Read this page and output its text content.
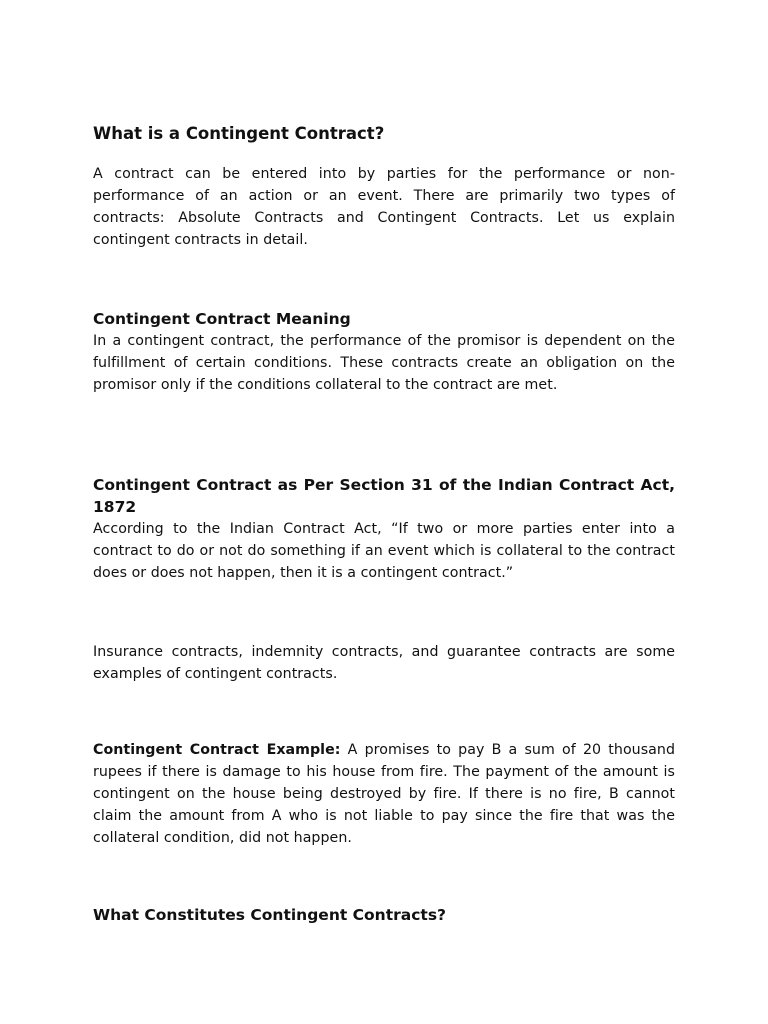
What is a Contingent Contract?

A contract can be entered into by parties for the performance or non-performance of an action or an event. There are primarily two types of contracts: Absolute Contracts and Contingent Contracts. Let us explain contingent contracts in detail.

Contingent Contract Meaning

In a contingent contract, the performance of the promisor is dependent on the fulfillment of certain conditions. These contracts create an obligation on the promisor only if the conditions collateral to the contract are met.

Contingent Contract as Per Section 31 of the Indian Contract Act, 1872

According to the Indian Contract Act, “If two or more parties enter into a contract to do or not do something if an event which is collateral to the contract does or does not happen, then it is a contingent contract.”

Insurance contracts, indemnity contracts, and guarantee contracts are some examples of contingent contracts.

Contingent Contract Example: A promises to pay B a sum of 20 thousand rupees if there is damage to his house from fire. The payment of the amount is contingent on the house being destroyed by fire. If there is no fire, B cannot claim the amount from A who is not liable to pay since the fire that was the collateral condition, did not happen.

What Constitutes Contingent Contracts?
